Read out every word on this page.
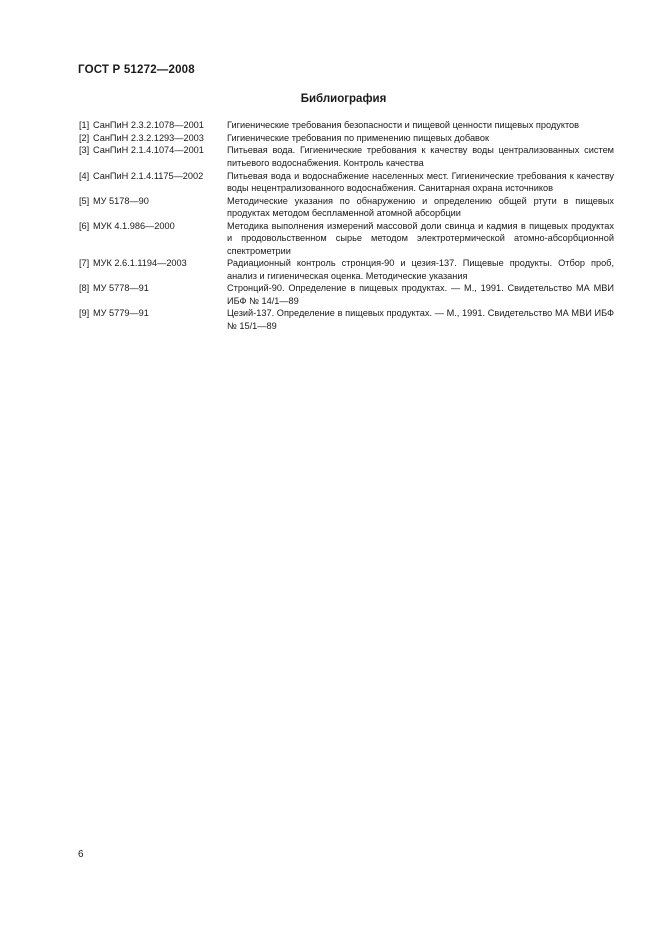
ГОСТ Р 51272—2008
Библиография
[1] СанПиН 2.3.2.1078—2001	Гигиенические требования безопасности и пищевой ценности пищевых продуктов
[2] СанПиН 2.3.2.1293—2003	Гигиенические требования по применению пищевых добавок
[3] СанПиН 2.1.4.1074—2001	Питьевая вода. Гигиенические требования к качеству воды централизованных систем питьевого водоснабжения. Контроль качества
[4] СанПиН 2.1.4.1175—2002	Питьевая вода и водоснабжение населенных мест. Гигиенические требования к качеству воды нецентрализованного водоснабжения. Санитарная охрана источников
[5] МУ 5178—90	Методические указания по обнаружению и определению общей ртути в пищевых продуктах методом беспламенной атомной абсорбции
[6] МУК 4.1.986—2000	Методика выполнения измерений массовой доли свинца и кадмия в пищевых продуктах и продовольственном сырье методом электротермической атомно-абсорбционной спектрометрии
[7] МУК 2.6.1.1194—2003	Радиационный контроль стронция-90 и цезия-137. Пищевые продукты. Отбор проб, анализ и гигиеническая оценка. Методические указания
[8] МУ 5778—91	Стронций-90. Определение в пищевых продуктах. — М., 1991. Свидетельство МА МВИ ИБФ № 14/1—89
[9] МУ 5779—91	Цезий-137. Определение в пищевых продуктах. — М., 1991. Свидетельство МА МВИ ИБФ № 15/1—89
6
